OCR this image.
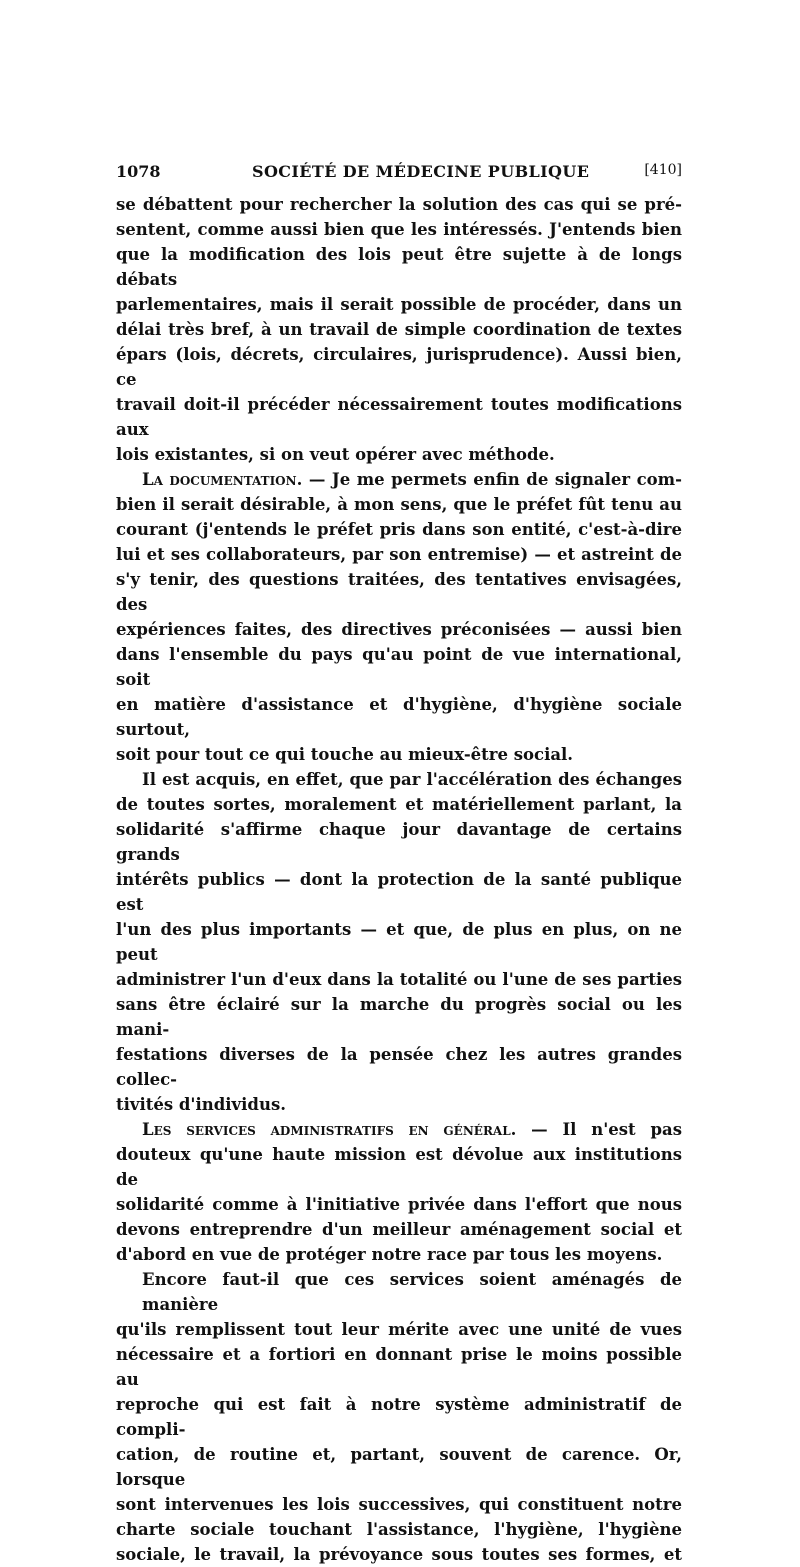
1078	SOCIÉTÉ DE MÉDECINE PUBLIQUE	[410]

se débattent pour rechercher la solution des cas qui se pré-
sentent, comme aussi bien que les intéressés. J'entends bien
que la modification des lois peut être sujette à de longs débats
parlementaires, mais il serait possible de procéder, dans un
délai très bref, à un travail de simple coordination de textes
épars (lois, décrets, circulaires, jurisprudence). Aussi bien, ce
travail doit-il précéder nécessairement toutes modifications aux
lois existantes, si on veut opérer avec méthode.

La documentation. — Je me permets enfin de signaler com-
bien il serait désirable, à mon sens, que le préfet fût tenu au
courant (j'entends le préfet pris dans son entité, c'est-à-dire
lui et ses collaborateurs, par son entremise) — et astreint de
s'y tenir, des questions traitées, des tentatives envisagées, des
expériences faites, des directives préconisées — aussi bien
dans l'ensemble du pays qu'au point de vue international, soit
en matière d'assistance et d'hygiène, d'hygiène sociale surtout,
soit pour tout ce qui touche au mieux-être social.

Il est acquis, en effet, que par l'accélération des échanges
de toutes sortes, moralement et matériellement parlant, la
solidarité s'affirme chaque jour davantage de certains grands
intérêts publics — dont la protection de la santé publique est
l'un des plus importants — et que, de plus en plus, on ne peut
administrer l'un d'eux dans la totalité ou l'une de ses parties
sans être éclairé sur la marche du progrès social ou les mani-
festations diverses de la pensée chez les autres grandes collec-
tivités d'individus.

Les services administratifs en général. — Il n'est pas
douteux qu'une haute mission est dévolue aux institutions de
solidarité comme à l'initiative privée dans l'effort que nous
devons entreprendre d'un meilleur aménagement social et
d'abord en vue de protéger notre race par tous les moyens.

Encore faut-il que ces services soient aménagés de manière
qu'ils remplissent tout leur mérite avec une unité de vues
nécessaire et a fortiori en donnant prise le moins possible au
reproche qui est fait à notre système administratif de compli-
cation, de routine et, partant, souvent de carence. Or, lorsque
sont intervenues les lois successives, qui constituent notre
charte sociale touchant l'assistance, l'hygiène, l'hygiène
sociale, le travail, la prévoyance sous toutes ses formes, et
